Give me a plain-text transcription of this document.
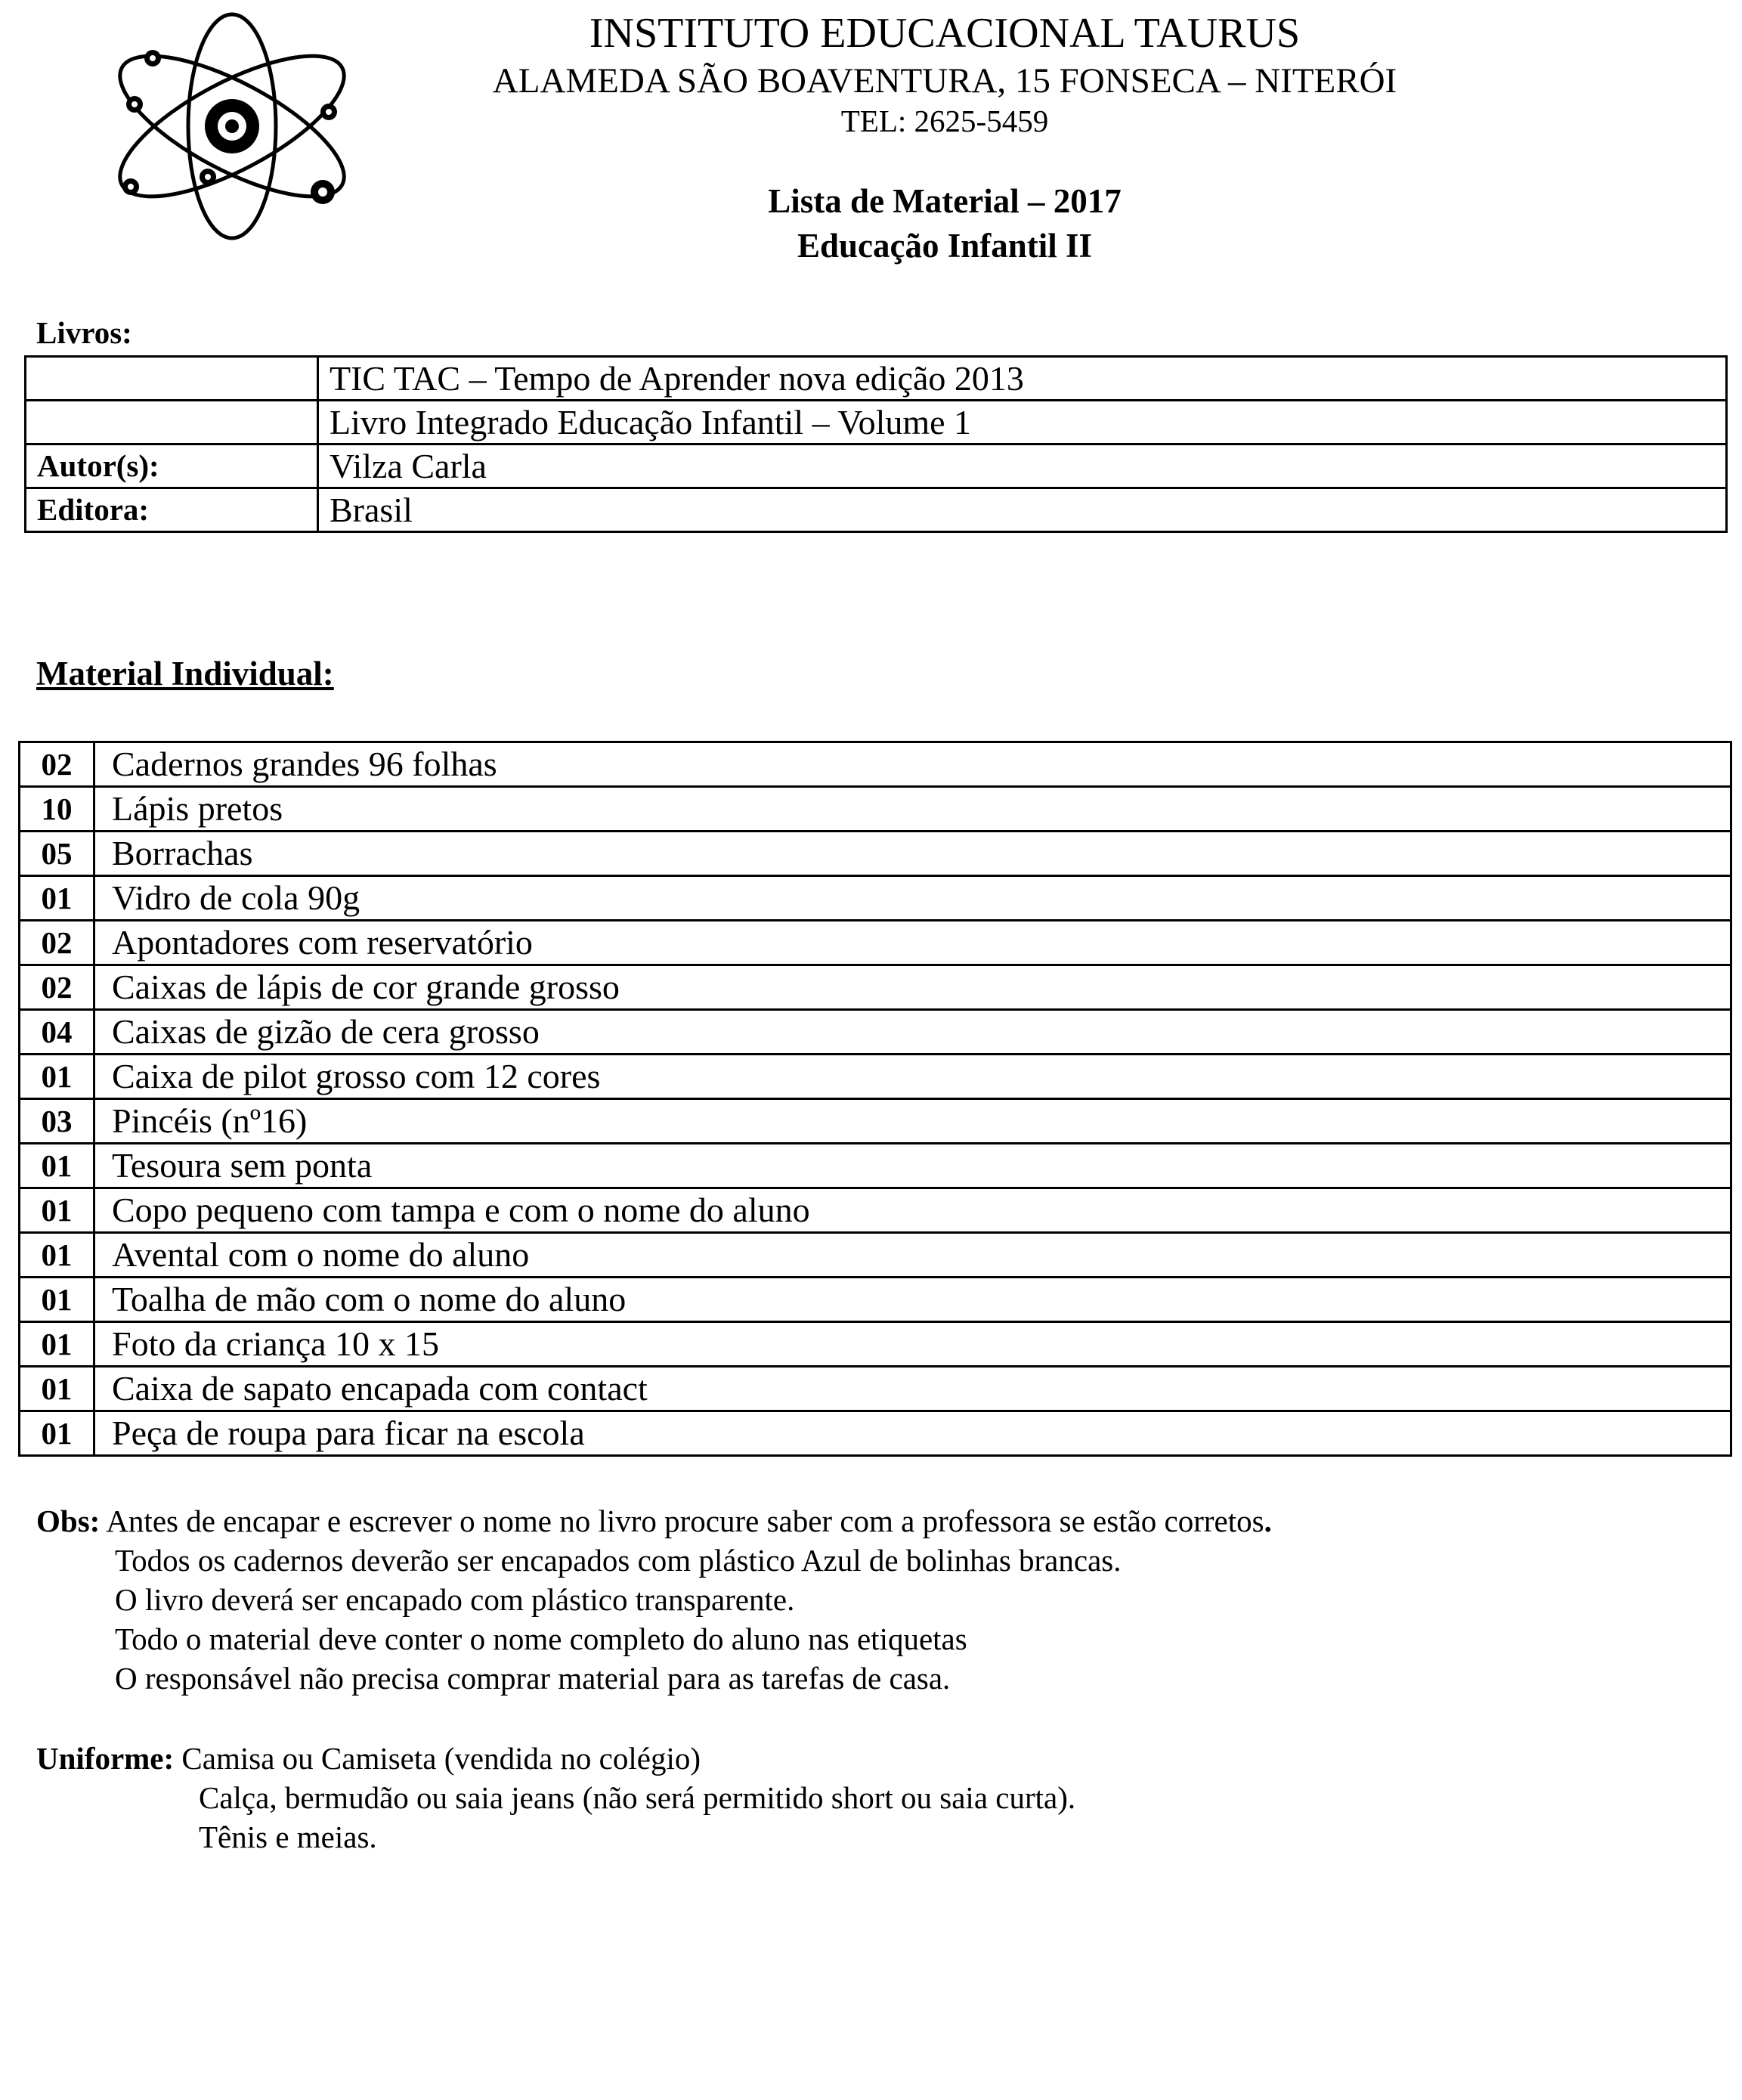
INSTITUTO EDUCACIONAL TAURUS
ALAMEDA SÃO BOAVENTURA, 15 FONSECA – NITERÓI
TEL: 2625-5459
Lista de Material – 2017
Educação Infantil II
Livros:
	TIC TAC – Tempo de Aprender nova edição 2013
	Livro Integrado Educação Infantil – Volume 1
Autor(s):	Vilza Carla
Editora:	Brasil
Material Individual:
02	Cadernos grandes 96 folhas
10	Lápis pretos
05	Borrachas
01	Vidro de cola 90g
02	Apontadores com reservatório
02	Caixas de lápis de cor grande grosso
04	Caixas de gizão de cera grosso
01	Caixa de pilot grosso com 12 cores
03	Pincéis (nº16)
01	Tesoura sem ponta
01	Copo pequeno com tampa e com o nome do aluno
01	Avental com o nome do aluno
01	Toalha de mão com o nome do aluno
01	Foto da criança 10 x 15
01	Caixa de sapato encapada com contact
01	Peça de roupa para ficar na escola
Obs: Antes de encapar e escrever o nome no livro procure saber com a professora se estão corretos.
Todos os cadernos deverão ser encapados com plástico Azul de bolinhas brancas.
O livro deverá ser encapado com plástico transparente.
Todo o material deve conter o nome completo do aluno nas etiquetas
O responsável não precisa comprar material para as tarefas de casa.
Uniforme: Camisa ou Camiseta (vendida no colégio)
Calça, bermudão ou saia jeans (não será permitido short ou saia curta).
Tênis e meias.
